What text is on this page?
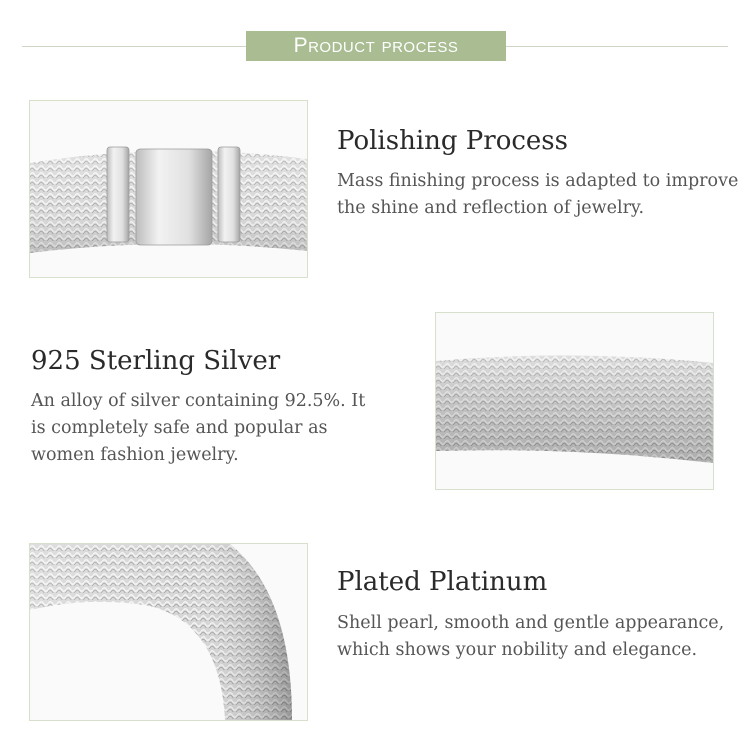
Product process
Polishing Process

Mass finishing process is adapted to improve

the shine and reflection of jewelry.

925 Sterling Silver

An alloy of silver containing 92.5%. It

is completely safe and popular as

women fashion jewelry.

Plated Platinum

Shell pearl, smooth and gentle appearance,

which shows your nobility and elegance.
